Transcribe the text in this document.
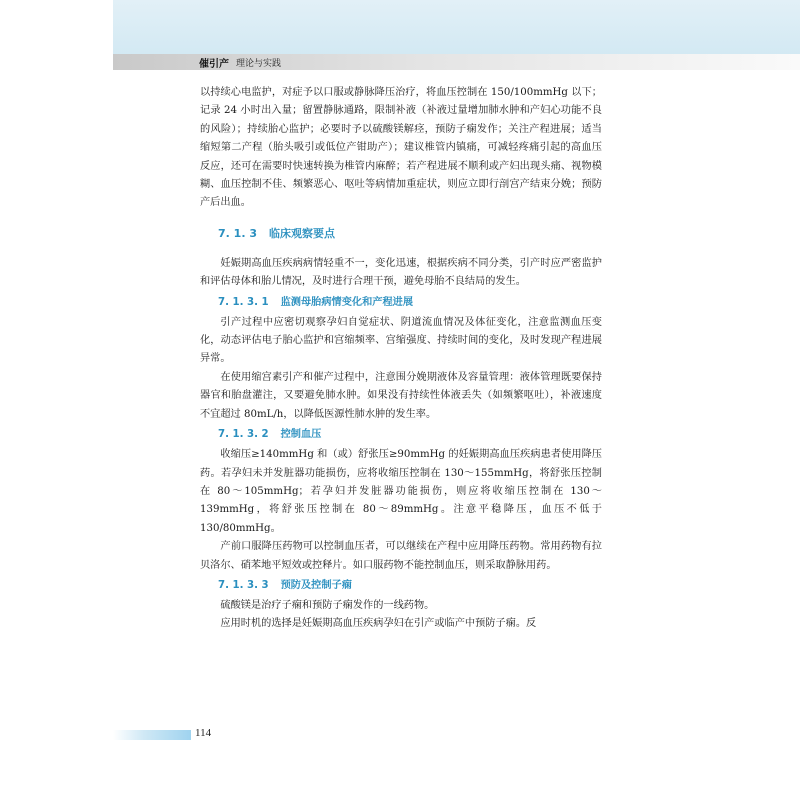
催引产 理论与实践

以持续心电监护，对症予以口服或静脉降压治疗，将血压控制在 150/100mmHg 以下；记录 24 小时出入量；留置静脉通路，限制补液（补液过量增加肺水肿和产妇心功能不良的风险）；持续胎心监护；必要时予以硫酸镁解痉，预防子痫发作；关注产程进展；适当缩短第二产程（胎头吸引或低位产钳助产）；建议椎管内镇痛，可减轻疼痛引起的高血压反应，还可在需要时快速转换为椎管内麻醉；若产程进展不顺利或产妇出现头痛、视物模糊、血压控制不佳、频繁恶心、呕吐等病情加重症状，则应立即行剖宫产结束分娩；预防产后出血。

7. 1. 3 临床观察要点

妊娠期高血压疾病病情轻重不一，变化迅速，根据疾病不同分类，引产时应严密监护和评估母体和胎儿情况，及时进行合理干预，避免母胎不良结局的发生。

7. 1. 3. 1 监测母胎病情变化和产程进展

引产过程中应密切观察孕妇自觉症状、阴道流血情况及体征变化，注意监测血压变化，动态评估电子胎心监护和宫缩频率、宫缩强度、持续时间的变化，及时发现产程进展异常。

在使用缩宫素引产和催产过程中，注意围分娩期液体及容量管理：液体管理既要保持器官和胎盘灌注，又要避免肺水肿。如果没有持续性体液丢失（如频繁呕吐），补液速度不宜超过 80mL/h，以降低医源性肺水肿的发生率。

7. 1. 3. 2 控制血压

收缩压≥140mmHg 和（或）舒张压≥90mmHg 的妊娠期高血压疾病患者使用降压药。若孕妇未并发脏器功能损伤，应将收缩压控制在 130～155mmHg，将舒张压控制在 80～105mmHg；若孕妇并发脏器功能损伤，则应将收缩压控制在 130～139mmHg，将舒张压控制在 80～89mmHg。注意平稳降压，血压不低于 130/80mmHg。

产前口服降压药物可以控制血压者，可以继续在产程中应用降压药物。常用药物有拉贝洛尔、硝苯地平短效或控释片。如口服药物不能控制血压，则采取静脉用药。

7. 1. 3. 3 预防及控制子痫

硫酸镁是治疗子痫和预防子痫发作的一线药物。

应用时机的选择是妊娠期高血压疾病孕妇在引产或临产中预防子痫。反

114
